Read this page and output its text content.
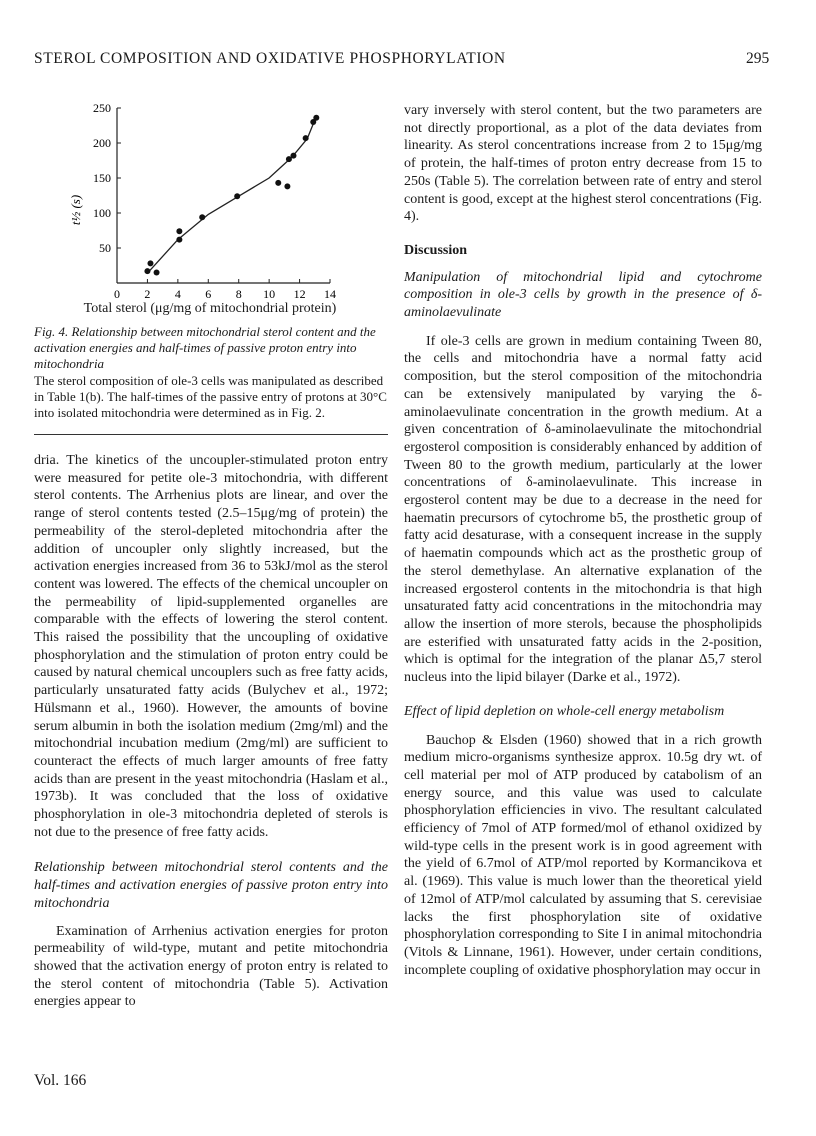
STEROL COMPOSITION AND OXIDATIVE PHOSPHORYLATION	295
t½ (s)
0 2 4 6 8 10 12 14
50
100
150
200
250
Total sterol (μg/mg of mitochondrial protein)
Fig. 4. Relationship between mitochondrial sterol content and the activation energies and half-times of passive proton entry into mitochondria
The sterol composition of ole-3 cells was manipulated as described in Table 1(b). The half-times of the passive entry of protons at 30°C into isolated mitochondria were determined as in Fig. 2.

dria. The kinetics of the uncoupler-stimulated proton entry were measured for petite ole-3 mitochondria, with different sterol contents. The Arrhenius plots are linear, and over the range of sterol contents tested (2.5–15μg/mg of protein) the permeability of the sterol-depleted mitochondria after the addition of uncoupler only slightly increased, but the activation energies increased from 36 to 53kJ/mol as the sterol content was lowered. The effects of the chemical uncoupler on the permeability of lipid-supplemented organelles are comparable with the effects of lowering the sterol content. This raised the possibility that the uncoupling of oxidative phosphorylation and the stimulation of proton entry could be caused by natural chemical uncouplers such as free fatty acids, particularly unsaturated fatty acids (Bulychev et al., 1972; Hülsmann et al., 1960). However, the amounts of bovine serum albumin in both the isolation medium (2mg/ml) and the mitochondrial incubation medium (2mg/ml) are sufficient to counteract the effects of much larger amounts of free fatty acids than are present in the yeast mitochondria (Haslam et al., 1973b). It was concluded that the loss of oxidative phosphorylation in ole-3 mitochondria depleted of sterols is not due to the presence of free fatty acids.

Relationship between mitochondrial sterol contents and the half-times and activation energies of passive proton entry into mitochondria

Examination of Arrhenius activation energies for proton permeability of wild-type, mutant and petite mitochondria showed that the activation energy of proton entry is related to the sterol content of mitochondria (Table 5). Activation energies appear to

vary inversely with sterol content, but the two parameters are not directly proportional, as a plot of the data deviates from linearity. As sterol concentrations increase from 2 to 15μg/mg of protein, the half-times of proton entry decrease from 15 to 250s (Table 5). The correlation between rate of entry and sterol content is good, except at the highest sterol concentrations (Fig. 4).

Discussion

Manipulation of mitochondrial lipid and cytochrome composition in ole-3 cells by growth in the presence of δ-aminolaevulinate

If ole-3 cells are grown in medium containing Tween 80, the cells and mitochondria have a normal fatty acid composition, but the sterol composition of the mitochondria can be extensively manipulated by varying the δ-aminolaevulinate concentration in the growth medium. At a given concentration of δ-aminolaevulinate the mitochondrial ergosterol composition is considerably enhanced by addition of Tween 80 to the growth medium, particularly at the lower concentrations of δ-aminolaevulinate. This increase in ergosterol content may be due to a decrease in the need for haematin precursors of cytochrome b5, the prosthetic group of fatty acid desaturase, with a consequent increase in the supply of haematin compounds which act as the prosthetic group of the sterol demethylase. An alternative explanation of the increased ergosterol contents in the mitochondria is that high unsaturated fatty acid concentrations in the mitochondria may allow the insertion of more sterols, because the phospholipids are esterified with unsaturated fatty acids in the 2-position, which is optimal for the integration of the planar Δ5,7 sterol nucleus into the lipid bilayer (Darke et al., 1972).

Effect of lipid depletion on whole-cell energy metabolism

Bauchop & Elsden (1960) showed that in a rich growth medium micro-organisms synthesize approx. 10.5g dry wt. of cell material per mol of ATP produced by catabolism of an energy source, and this value was used to calculate phosphorylation efficiencies in vivo. The resultant calculated efficiency of 7mol of ATP formed/mol of ethanol oxidized by wild-type cells in the present work is in good agreement with the yield of 6.7mol of ATP/mol reported by Kormancikova et al. (1969). This value is much lower than the theoretical yield of 12mol of ATP/mol calculated by assuming that S. cerevisiae lacks the first phosphorylation site of oxidative phosphorylation corresponding to Site I in animal mitochondria (Vitols & Linnane, 1961). However, under certain conditions, incomplete coupling of oxidative phosphorylation may occur in

Vol. 166
